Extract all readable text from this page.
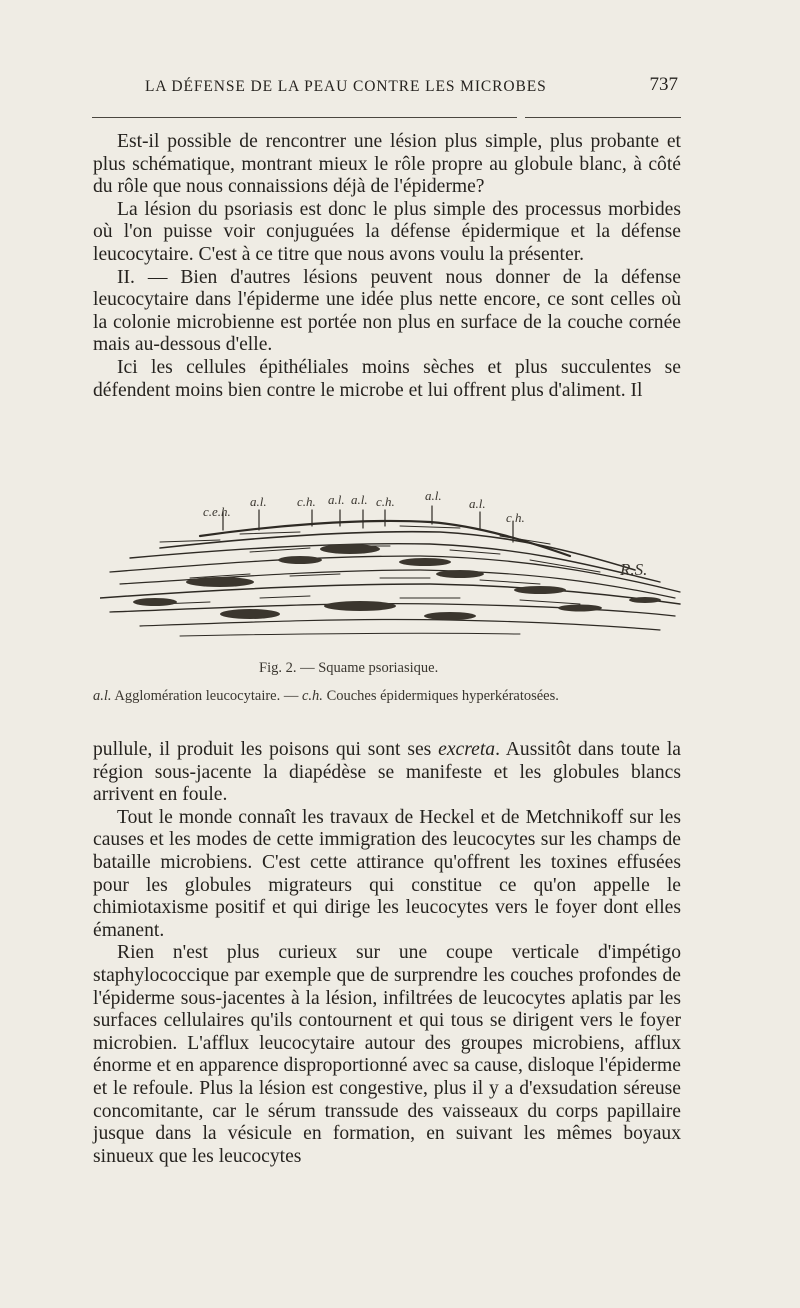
LA DÉFENSE DE LA PEAU CONTRE LES MICROBES	737

Est-il possible de rencontrer une lésion plus simple, plus probante et plus schématique, montrant mieux le rôle propre au globule blanc, à côté du rôle que nous connaissions déjà de l'épiderme?

La lésion du psoriasis est donc le plus simple des processus morbides où l'on puisse voir conjuguées la défense épidermique et la défense leucocytaire. C'est à ce titre que nous avons voulu la présenter.

II. — Bien d'autres lésions peuvent nous donner de la défense leucocytaire dans l'épiderme une idée plus nette encore, ce sont celles où la colonie microbienne est portée non plus en surface de la couche cornée mais au-dessous d'elle.

Ici les cellules épithéliales moins sèches et plus succulentes se défendent moins bien contre le microbe et lui offrent plus d'aliment. Il

c.e.h.
a.l. c.h. a.l. a.l. c.h. a.l.
a.l.
c.h.
R.S.
Fig. 2. — Squame psoriasique.
a.l. Agglomération leucocytaire. — c.h. Couches épidermiques hyperkératosées.

pullule, il produit les poisons qui sont ses excreta. Aussitôt dans toute la région sous-jacente la diapédèse se manifeste et les globules blancs arrivent en foule.

Tout le monde connaît les travaux de Heckel et de Metchnikoff sur les causes et les modes de cette immigration des leucocytes sur les champs de bataille microbiens. C'est cette attirance qu'offrent les toxines effusées pour les globules migrateurs qui constitue ce qu'on appelle le chimiotaxisme positif et qui dirige les leucocytes vers le foyer dont elles émanent.

Rien n'est plus curieux sur une coupe verticale d'impétigo staphylococcique par exemple que de surprendre les couches profondes de l'épiderme sous-jacentes à la lésion, infiltrées de leucocytes aplatis par les surfaces cellulaires qu'ils contournent et qui tous se dirigent vers le foyer microbien. L'afflux leucocytaire autour des groupes microbiens, afflux énorme et en apparence disproportionné avec sa cause, disloque l'épiderme et le refoule. Plus la lésion est congestive, plus il y a d'exsudation séreuse concomitante, car le sérum transsude des vaisseaux du corps papillaire jusque dans la vésicule en formation, en suivant les mêmes boyaux sinueux que les leucocytes
